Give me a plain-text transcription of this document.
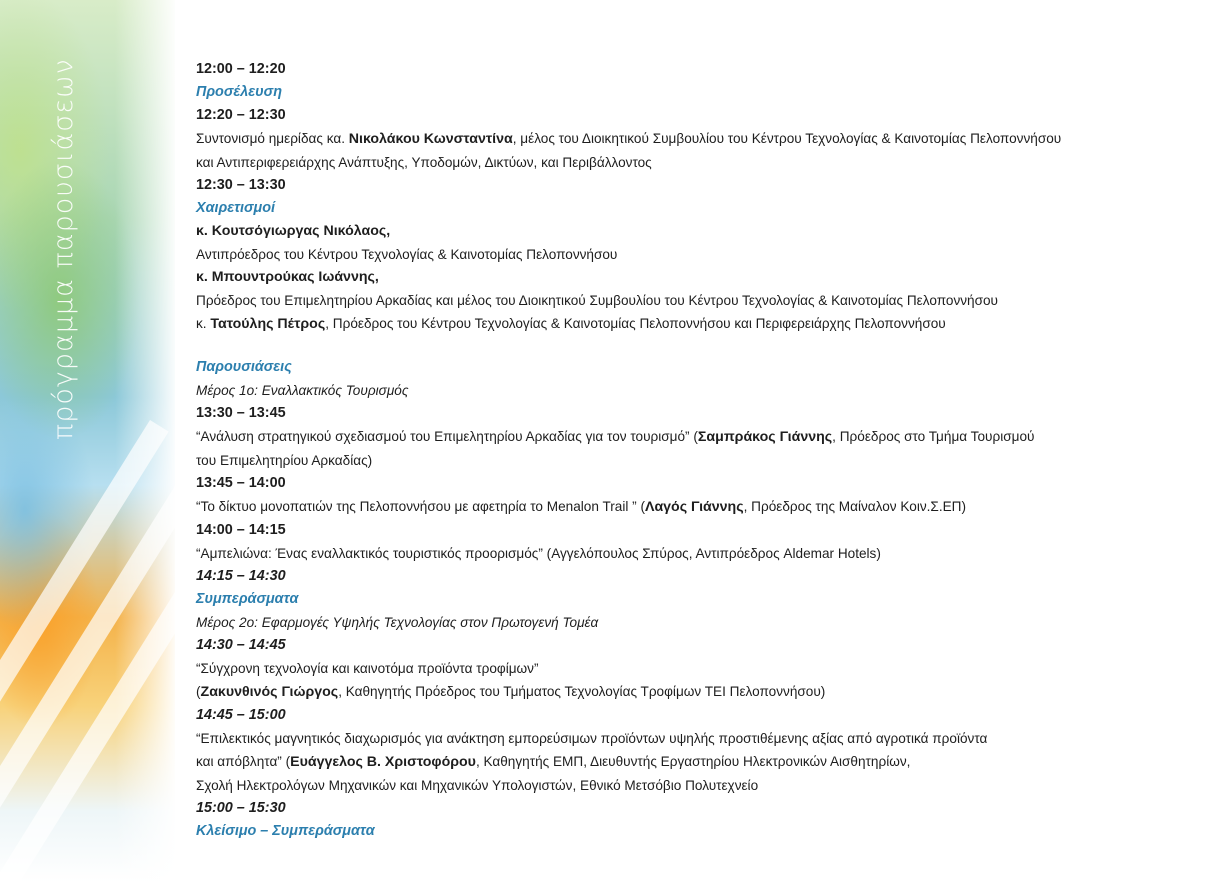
πρόγραμμα παρουσιάσεων	12:00 – 12:20
Προσέλευση
12:20 – 12:30
Συντονισμό ημερίδας κα. Νικολάκου Κωνσταντίνα, μέλος του Διοικητικού Συμβουλίου του Κέντρου Τεχνολογίας & Καινοτομίας Πελοποννήσου
και Αντιπεριφερειάρχης Ανάπτυξης, Υποδομών, Δικτύων, και Περιβάλλοντος
12:30 – 13:30
Χαιρετισμοί
κ. Κουτσόγιωργας Νικόλαος,
Αντιπρόεδρος του Κέντρου Τεχνολογίας & Καινοτομίας Πελοποννήσου
κ. Μπουντρούκας Ιωάννης,
Πρόεδρος του Επιμελητηρίου Αρκαδίας και μέλος του Διοικητικού Συμβουλίου του Κέντρου Τεχνολογίας & Καινοτομίας Πελοποννήσου
κ. Τατούλης Πέτρος, Πρόεδρος του Κέντρου Τεχνολογίας & Καινοτομίας Πελοποννήσου και Περιφερειάρχης Πελοποννήσου
Παρουσιάσεις
Μέρος 1ο: Εναλλακτικός Τουρισμός
13:30 – 13:45
“Ανάλυση στρατηγικού σχεδιασμού του Επιμελητηρίου Αρκαδίας για τον τουρισμό” (Σαμπράκος Γιάννης, Πρόεδρος στο Τμήμα Τουρισμού
του Επιμελητηρίου Αρκαδίας)
13:45 – 14:00
“Το δίκτυο μονοπατιών της Πελοποννήσου με αφετηρία το Menalon Trail ” (Λαγός Γιάννης, Πρόεδρος της Μαίναλον Κοιν.Σ.ΕΠ)
14:00 – 14:15
“Αμπελιώνα: Ένας εναλλακτικός τουριστικός προορισμός” (Αγγελόπουλος Σπύρος, Αντιπρόεδρος Aldemar Hotels)
14:15 – 14:30
Συμπεράσματα
Μέρος 2ο: Εφαρμογές Υψηλής Τεχνολογίας στον Πρωτογενή Τομέα
14:30 – 14:45
“Σύγχρονη τεχνολογία και καινοτόμα προϊόντα τροφίμων”
(Ζακυνθινός Γιώργος, Καθηγητής Πρόεδρος του Τμήματος Τεχνολογίας Τροφίμων ΤΕΙ Πελοποννήσου)
14:45 – 15:00
“Επιλεκτικός μαγνητικός διαχωρισμός για ανάκτηση εμπορεύσιμων προϊόντων υψηλής προστιθέμενης αξίας από αγροτικά προϊόντα
και απόβλητα” (Ευάγγελος Β. Χριστοφόρου, Καθηγητής ΕΜΠ, Διευθυντής Εργαστηρίου Ηλεκτρονικών Αισθητηρίων,
Σχολή Ηλεκτρολόγων Μηχανικών και Μηχανικών Υπολογιστών, Εθνικό Μετσόβιο Πολυτεχνείο
15:00 – 15:30
Κλείσιμο – Συμπεράσματα
